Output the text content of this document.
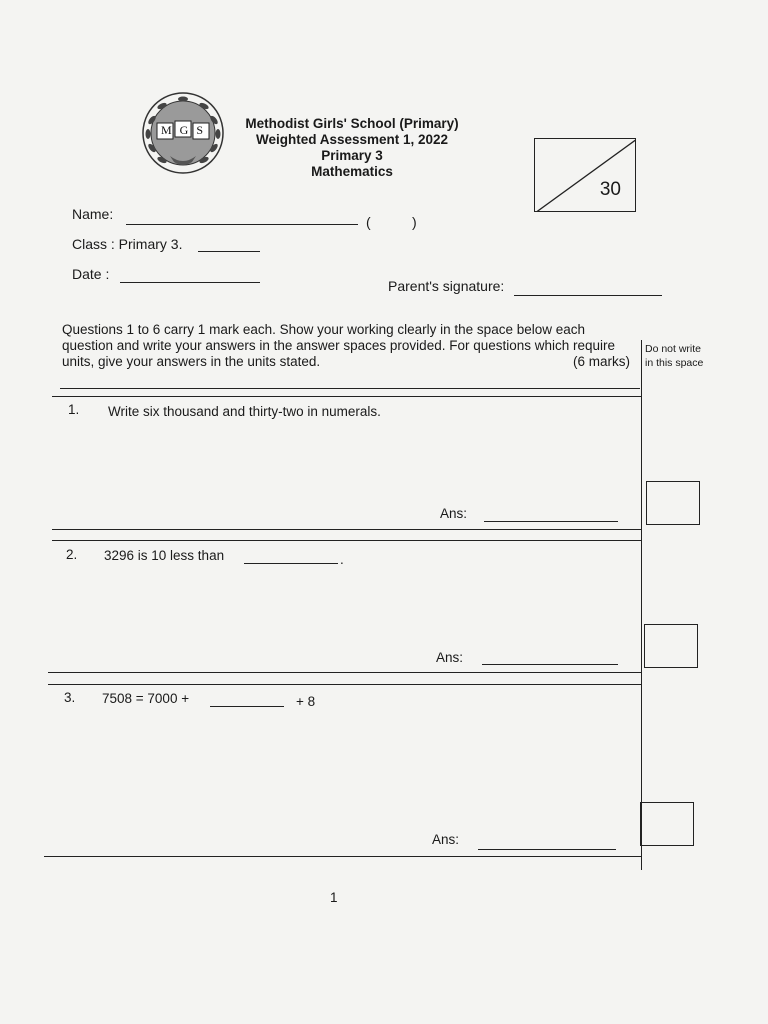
MGS	Methodist Girls' School (Primary)
Weighted Assessment 1, 2022
Primary 3
Mathematics
30
Name:	(	)
Class : Primary 3.
Date :
Parent's signature:
Questions 1 to 6 carry 1 mark each. Show your working clearly in the space below each question and write your answers in the answer spaces provided. For questions which require units, give your answers in the units stated.	(6 marks)
Do not write
in this space
1. Write six thousand and thirty-two in numerals.
Ans:
2. 3296 is 10 less than	.
Ans:
3. 7508 = 7000 +	+ 8
Ans:
1
